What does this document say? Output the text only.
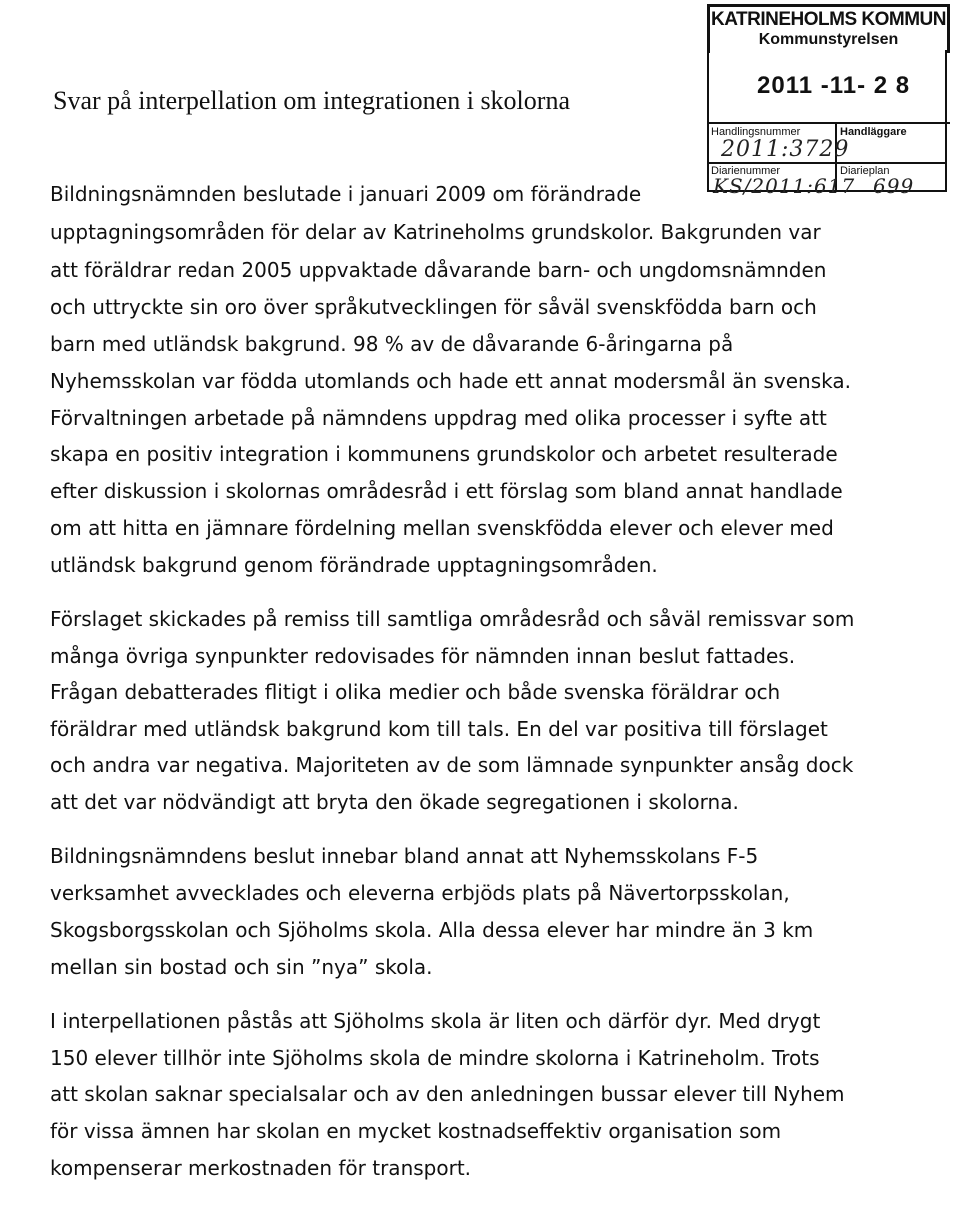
KATRINEHOLMS KOMMUN
Kommunstyrelsen
2011 -11- 2 8
Handlingsnummer	Handläggare
2011:3729
Diarienummer	Diarieplan
KS/2011:617 699
Svar på interpellation om integrationen i skolorna
Bildningsnämnden beslutade i januari 2009 om förändrade
upptagningsområden för delar av Katrineholms grundskolor. Bakgrunden var
att föräldrar redan 2005 uppvaktade dåvarande barn- och ungdomsnämnden
och uttryckte sin oro över språkutvecklingen för såväl svenskfödda barn och
barn med utländsk bakgrund. 98 % av de dåvarande 6-åringarna på
Nyhemsskolan var födda utomlands och hade ett annat modersmål än svenska.
Förvaltningen arbetade på nämndens uppdrag med olika processer i syfte att
skapa en positiv integration i kommunens grundskolor och arbetet resulterade
efter diskussion i skolornas områdesråd i ett förslag som bland annat handlade
om att hitta en jämnare fördelning mellan svenskfödda elever och elever med
utländsk bakgrund genom förändrade upptagningsområden.
Förslaget skickades på remiss till samtliga områdesråd och såväl remissvar som
många övriga synpunkter redovisades för nämnden innan beslut fattades.
Frågan debatterades flitigt i olika medier och både svenska föräldrar och
föräldrar med utländsk bakgrund kom till tals. En del var positiva till förslaget
och andra var negativa. Majoriteten av de som lämnade synpunkter ansåg dock
att det var nödvändigt att bryta den ökade segregationen i skolorna.
Bildningsnämndens beslut innebar bland annat att Nyhemsskolans F-5
verksamhet avvecklades och eleverna erbjöds plats på Nävertorpsskolan,
Skogsborgsskolan och Sjöholms skola. Alla dessa elever har mindre än 3 km
mellan sin bostad och sin ”nya” skola.
I interpellationen påstås att Sjöholms skola är liten och därför dyr. Med drygt
150 elever tillhör inte Sjöholms skola de mindre skolorna i Katrineholm. Trots
att skolan saknar specialsalar och av den anledningen bussar elever till Nyhem
för vissa ämnen har skolan en mycket kostnadseffektiv organisation som
kompenserar merkostnaden för transport.
